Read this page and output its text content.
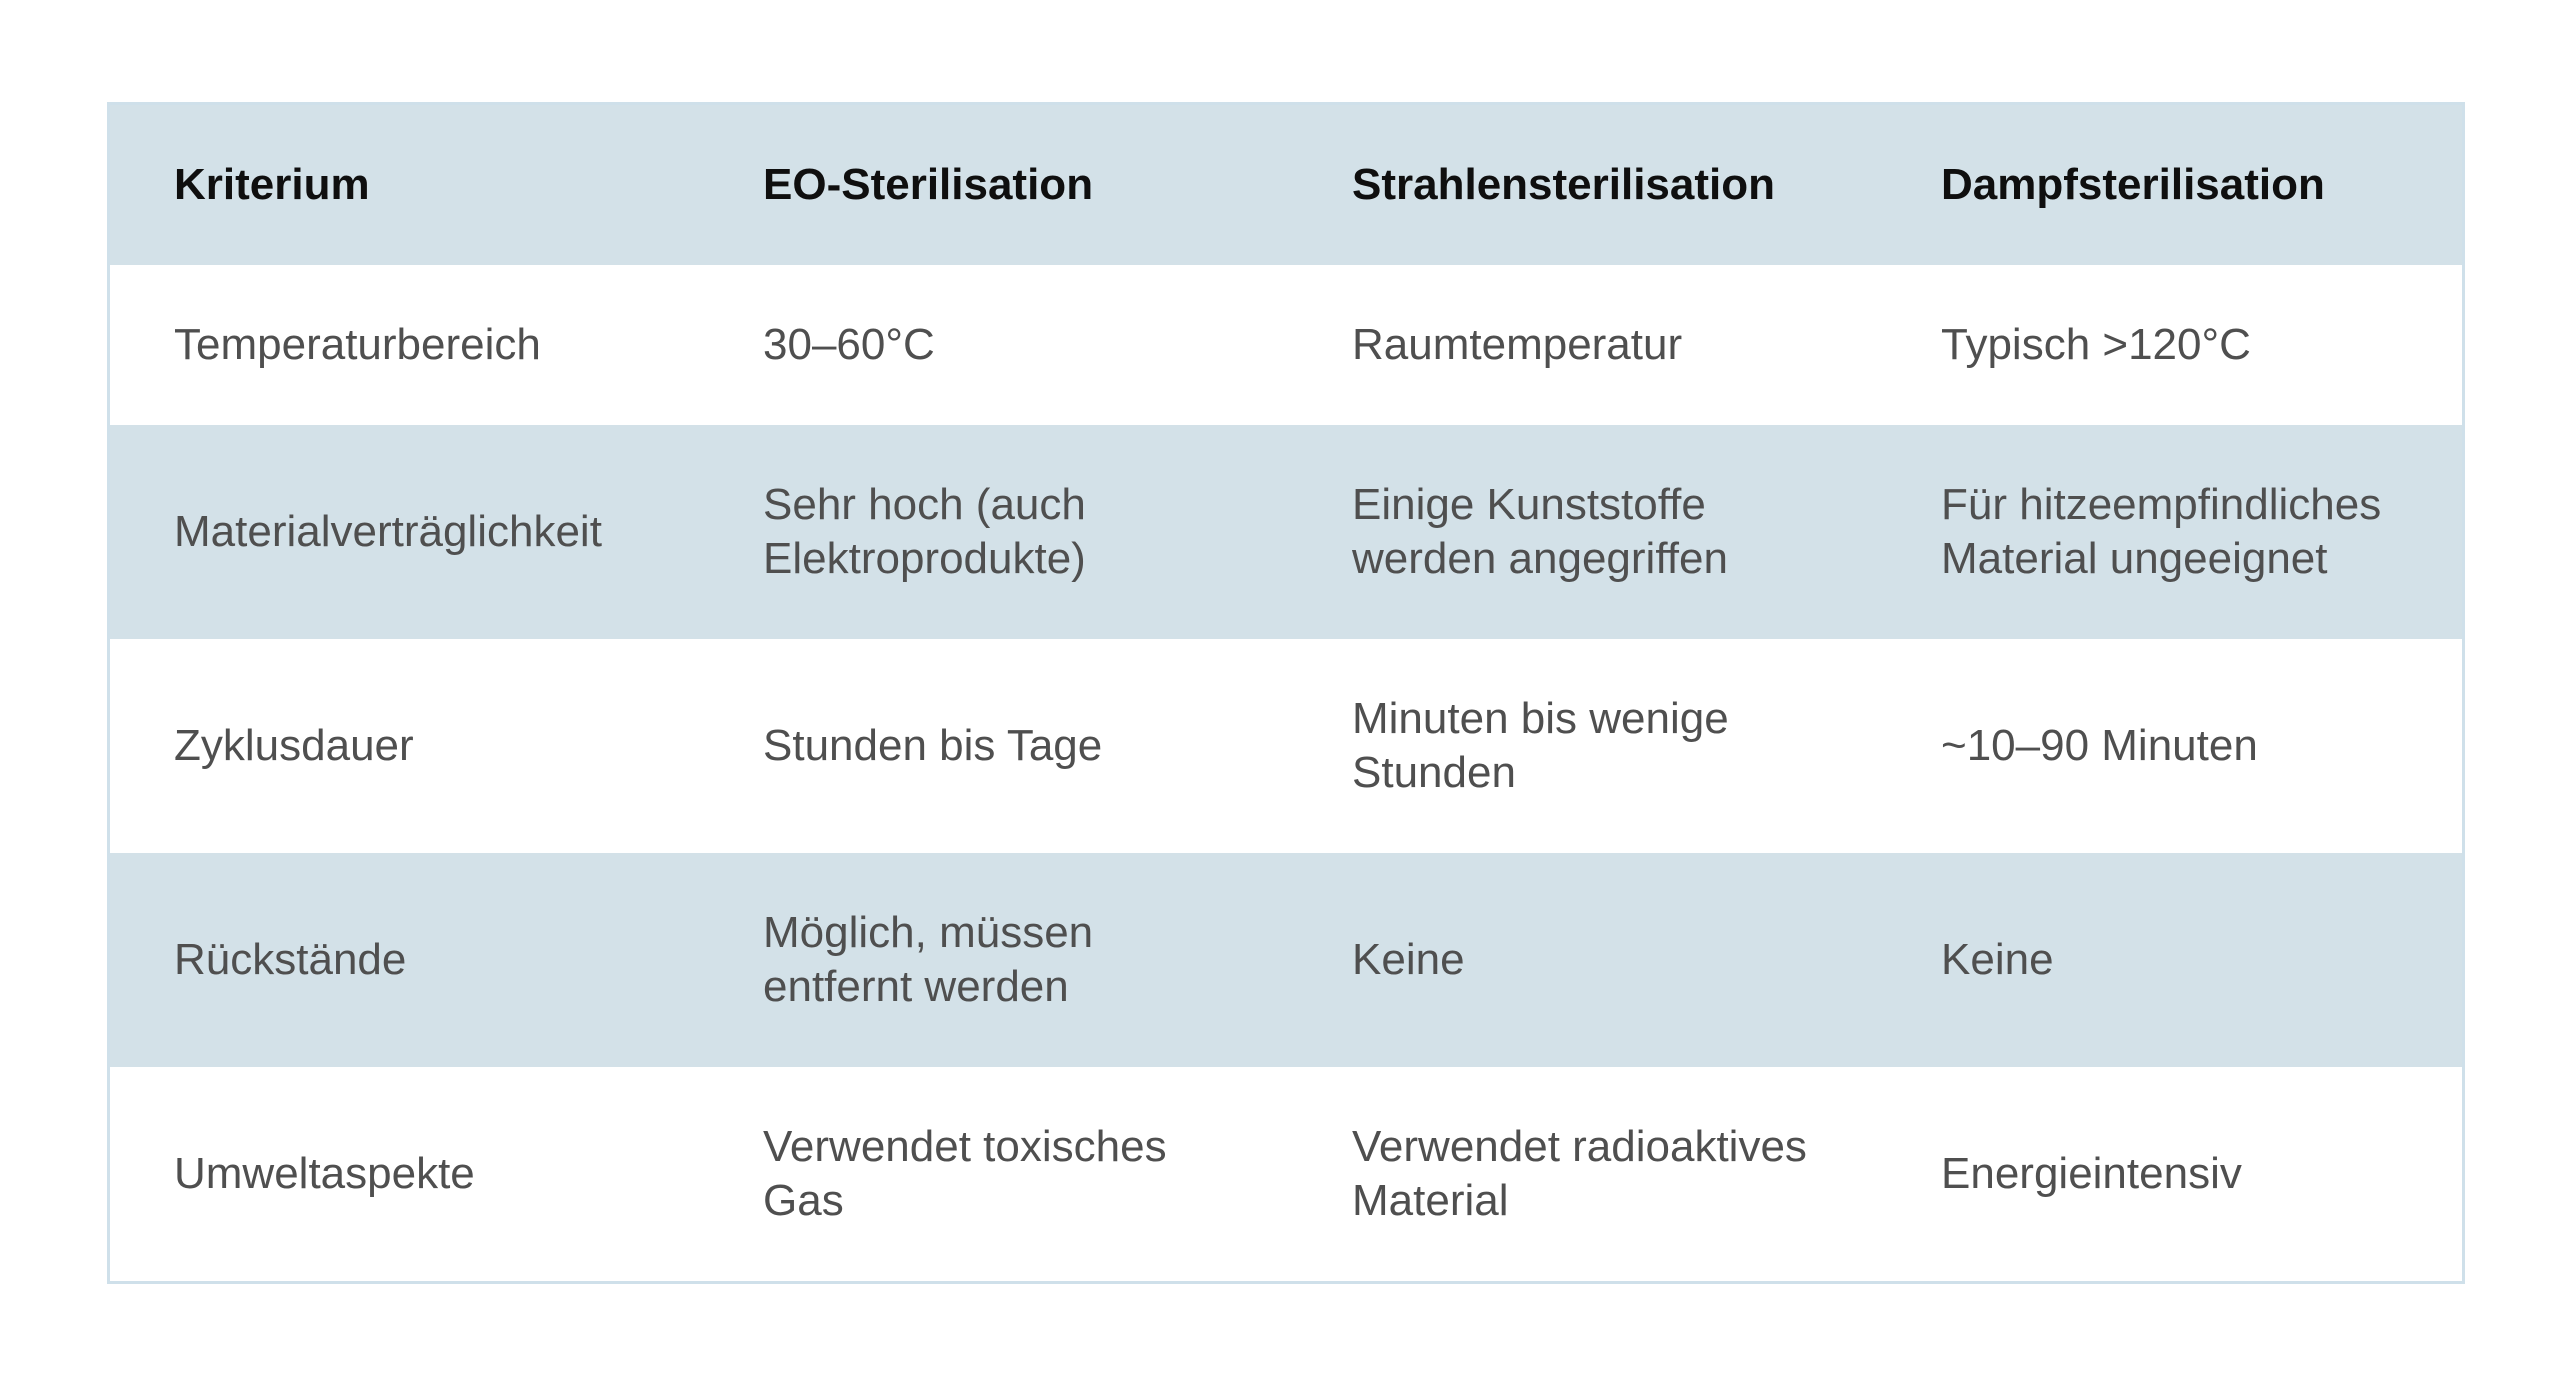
Kriterium	EO-Sterilisation	Strahlensterilisation	Dampfsterilisation
Temperaturbereich	30–60°C	Raumtemperatur	Typisch >120°C
Materialverträglichkeit	Sehr hoch (auch Elektroprodukte)	Einige Kunststoffe werden angegriffen	Für hitzeempfindliches Material ungeeignet
Zyklusdauer	Stunden bis Tage	Minuten bis wenige Stunden	~10–90 Minuten
Rückstände	Möglich, müssen entfernt werden	Keine	Keine
Umweltaspekte	Verwendet toxisches Gas	Verwendet radioaktives Material	Energieintensiv
